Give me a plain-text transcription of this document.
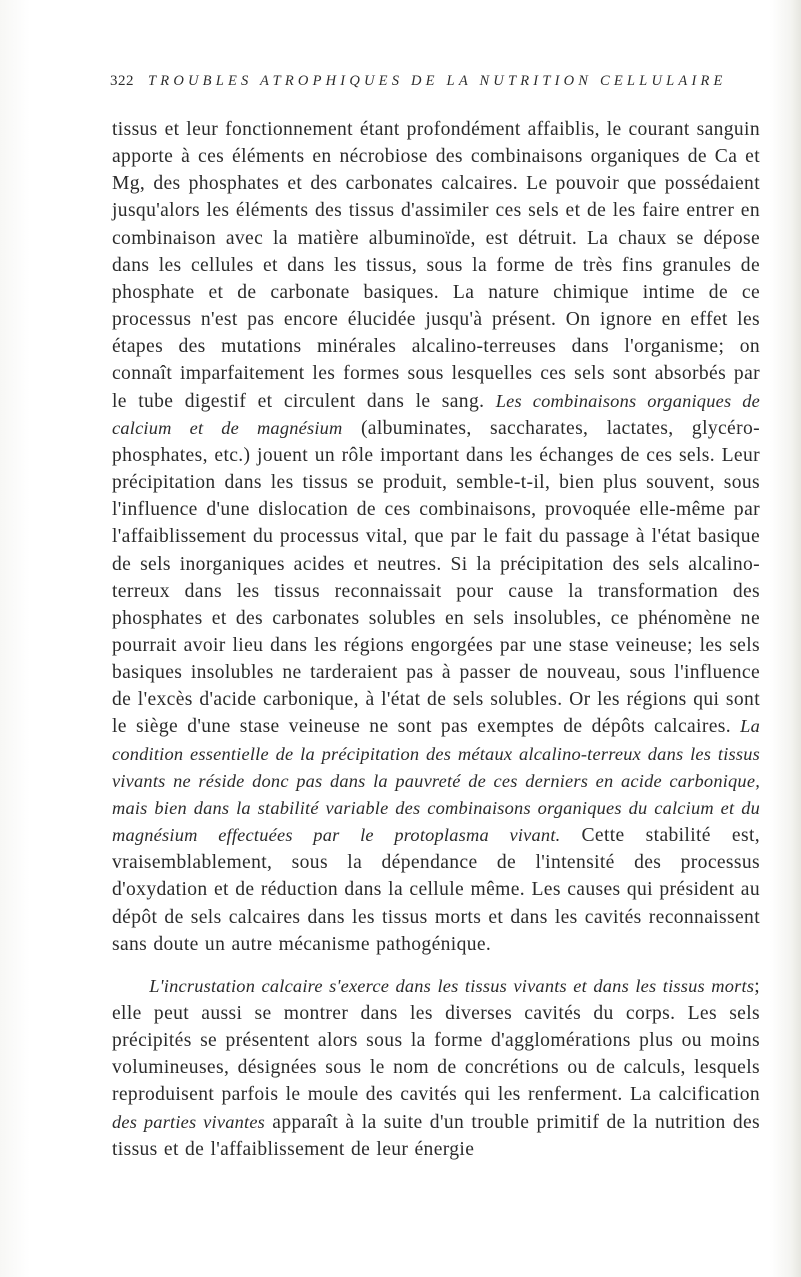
322 TROUBLES ATROPHIQUES DE LA NUTRITION CELLULAIRE

tissus et leur fonctionnement étant profondément affaiblis, le courant sanguin apporte à ces éléments en nécrobiose des combinaisons organiques de Ca et Mg, des phosphates et des carbonates calcaires. Le pouvoir que possédaient jusqu'alors les éléments des tissus d'assimiler ces sels et de les faire entrer en combinaison avec la matière albuminoïde, est détruit. La chaux se dépose dans les cellules et dans les tissus, sous la forme de très fins granules de phosphate et de carbonate basiques. La nature chimique intime de ce processus n'est pas encore élucidée jusqu'à présent. On ignore en effet les étapes des mutations minérales alcalino-terreuses dans l'organisme; on connaît imparfaitement les formes sous lesquelles ces sels sont absorbés par le tube digestif et circulent dans le sang. Les combinaisons organiques de calcium et de magnésium (albuminates, saccharates, lactates, glycéro-phosphates, etc.) jouent un rôle important dans les échanges de ces sels. Leur précipitation dans les tissus se produit, semble-t-il, bien plus souvent, sous l'influence d'une dislocation de ces combinaisons, provoquée elle-même par l'affaiblissement du processus vital, que par le fait du passage à l'état basique de sels inorganiques acides et neutres. Si la précipitation des sels alcalino-terreux dans les tissus reconnaissait pour cause la transformation des phosphates et des carbonates solubles en sels insolubles, ce phénomène ne pourrait avoir lieu dans les régions engorgées par une stase veineuse; les sels basiques insolubles ne tarderaient pas à passer de nouveau, sous l'influence de l'excès d'acide carbonique, à l'état de sels solubles. Or les régions qui sont le siège d'une stase veineuse ne sont pas exemptes de dépôts calcaires. La condition essentielle de la précipitation des métaux alcalino-terreux dans les tissus vivants ne réside donc pas dans la pauvreté de ces derniers en acide carbonique, mais bien dans la stabilité variable des combinaisons organiques du calcium et du magnésium effectuées par le protoplasma vivant. Cette stabilité est, vraisemblablement, sous la dépendance de l'intensité des processus d'oxydation et de réduction dans la cellule même. Les causes qui président au dépôt de sels calcaires dans les tissus morts et dans les cavités reconnaissent sans doute un autre mécanisme pathogénique.

L'incrustation calcaire s'exerce dans les tissus vivants et dans les tissus morts; elle peut aussi se montrer dans les diverses cavités du corps. Les sels précipités se présentent alors sous la forme d'agglomérations plus ou moins volumineuses, désignées sous le nom de concrétions ou de calculs, lesquels reproduisent parfois le moule des cavités qui les renferment. La calcification des parties vivantes apparaît à la suite d'un trouble primitif de la nutrition des tissus et de l'affaiblissement de leur énergie
